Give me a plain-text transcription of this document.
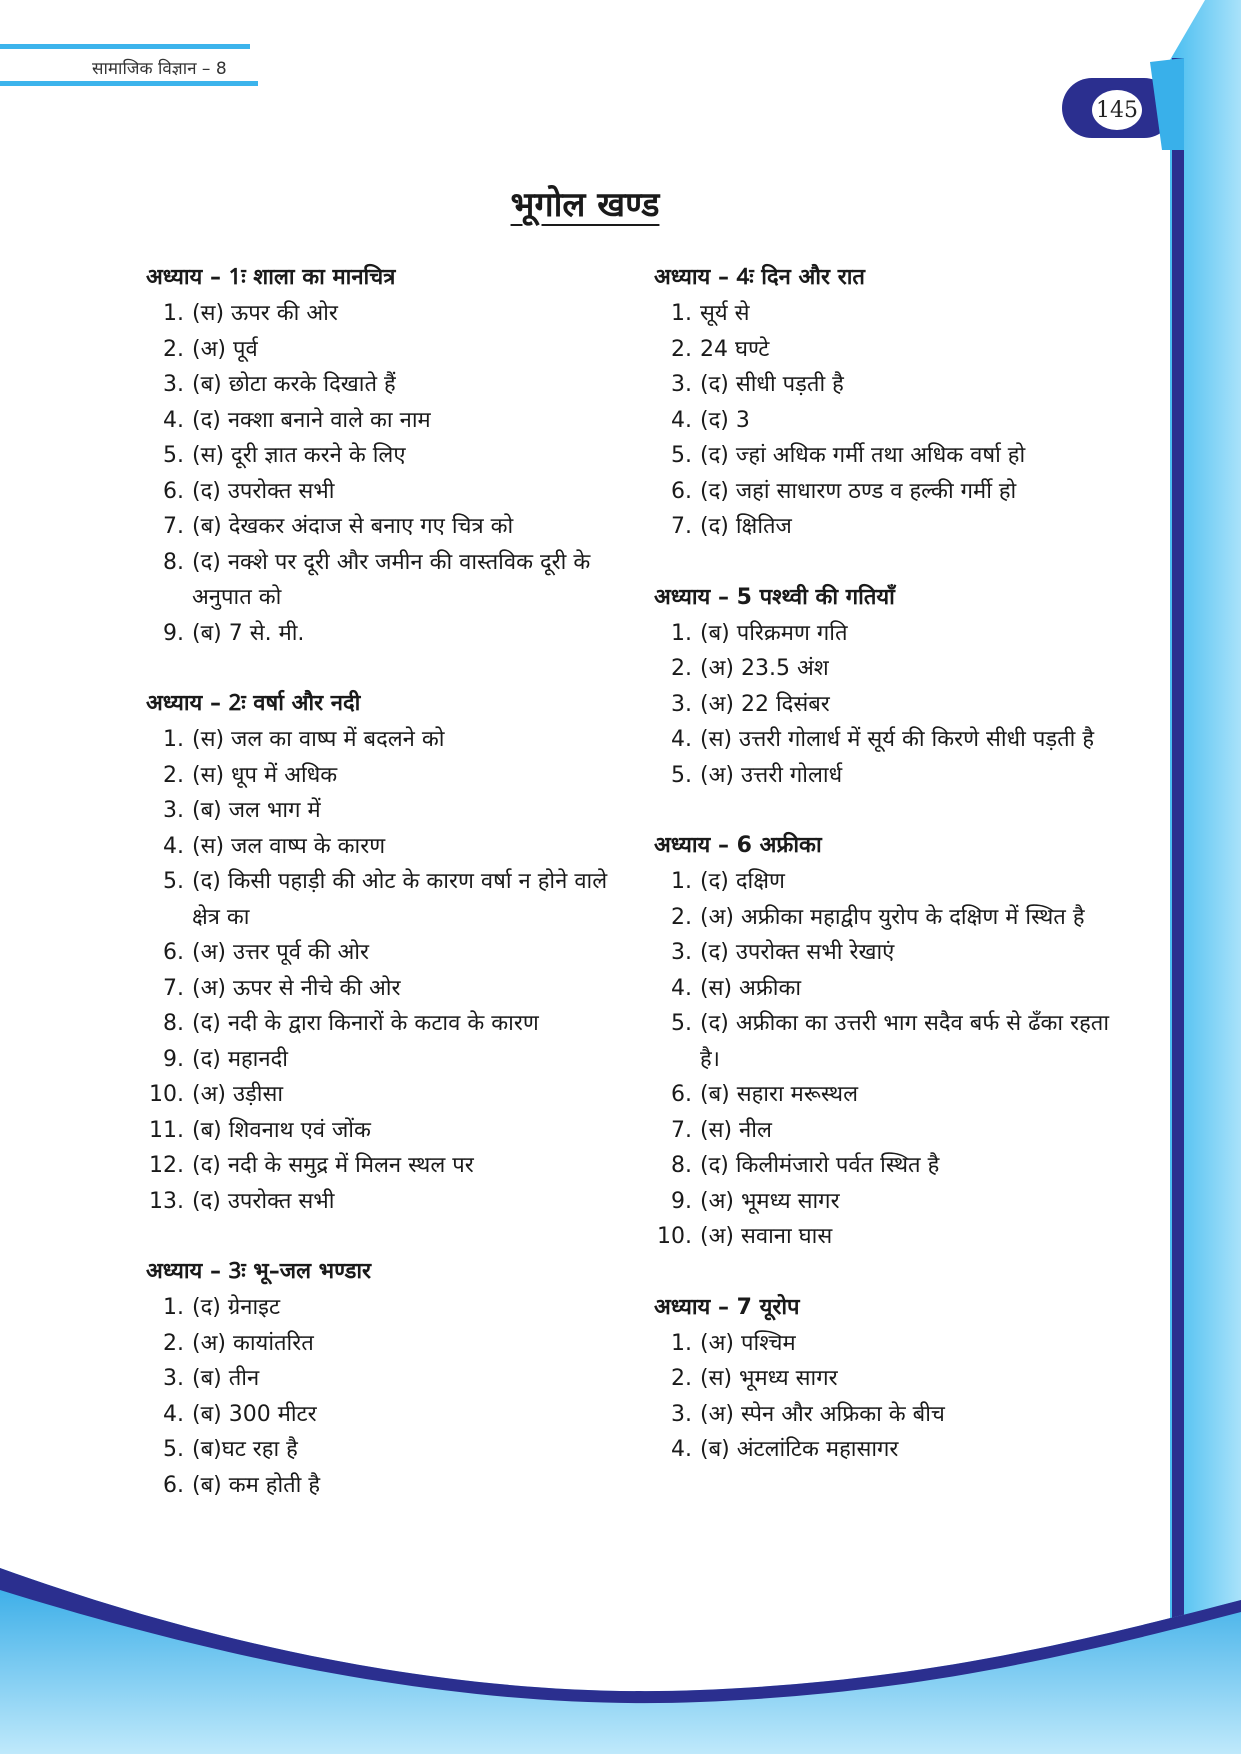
सामाजिक विज्ञान – 8
145
भूगोल खण्ड
अध्याय – 1ः शाला का मानचित्र
1. (स) ऊपर की ओर
2. (अ) पूर्व
3. (ब) छोटा करके दिखाते हैं
4. (द) नक्शा बनाने वाले का नाम
5. (स) दूरी ज्ञात करने के लिए
6. (द) उपरोक्त सभी
7. (ब) देखकर अंदाज से बनाए गए चित्र को
8. (द) नक्शे पर दूरी और जमीन की वास्तविक दूरी के अनुपात को
9. (ब) 7 से. मी.
अध्याय – 2ः वर्षा और नदी
1. (स) जल का वाष्प में बदलने को
2. (स) धूप में अधिक
3. (ब) जल भाग में
4. (स) जल वाष्प के कारण
5. (द) किसी पहाड़ी की ओट के कारण वर्षा न होने वाले क्षेत्र का
6. (अ) उत्तर पूर्व की ओर
7. (अ) ऊपर से नीचे की ओर
8. (द) नदी के द्वारा किनारों के कटाव के कारण
9. (द) महानदी
10. (अ) उड़ीसा
11. (ब) शिवनाथ एवं जोंक
12. (द) नदी के समुद्र में मिलन स्थल पर
13. (द) उपरोक्त सभी
अध्याय – 3ः भू–जल भण्डार
1. (द) ग्रेनाइट
2. (अ) कायांतरित
3. (ब) तीन
4. (ब) 300 मीटर
5. (ब)घट रहा है
6. (ब) कम होती है
अध्याय – 4ः दिन और रात
1. सूर्य से
2. 24 घण्टे
3. (द) सीधी पड़ती है
4. (द) 3
5. (द) ज्हां अधिक गर्मी तथा अधिक वर्षा हो
6. (द) जहां साधारण ठण्ड व हल्की गर्मी हो
7. (द) क्षितिज
अध्याय – 5 पश्थ्वी की गतियाँ
1. (ब) परिक्रमण गति
2. (अ) 23.5 अंश
3. (अ) 22 दिसंबर
4. (स) उत्तरी गोलार्ध में सूर्य की किरणे सीधी पड़ती है
5. (अ) उत्तरी गोलार्ध
अध्याय – 6 अफ्रीका
1. (द) दक्षिण
2. (अ) अफ्रीका महाद्वीप युरोप के दक्षिण में स्थित है
3. (द) उपरोक्त सभी रेखाएं
4. (स) अफ्रीका
5. (द) अफ्रीका का उत्तरी भाग सदैव बर्फ से ढँका रहता है।
6. (ब) सहारा मरूस्थल
7. (स) नील
8. (द) किलीमंजारो पर्वत स्थित है
9. (अ) भूमध्य सागर
10. (अ) सवाना घास
अध्याय – 7 यूरोप
1. (अ) पश्चिम
2. (स) भूमध्य सागर
3. (अ) स्पेन और अफ्रिका के बीच
4. (ब) अंटलांटिक महासागर
